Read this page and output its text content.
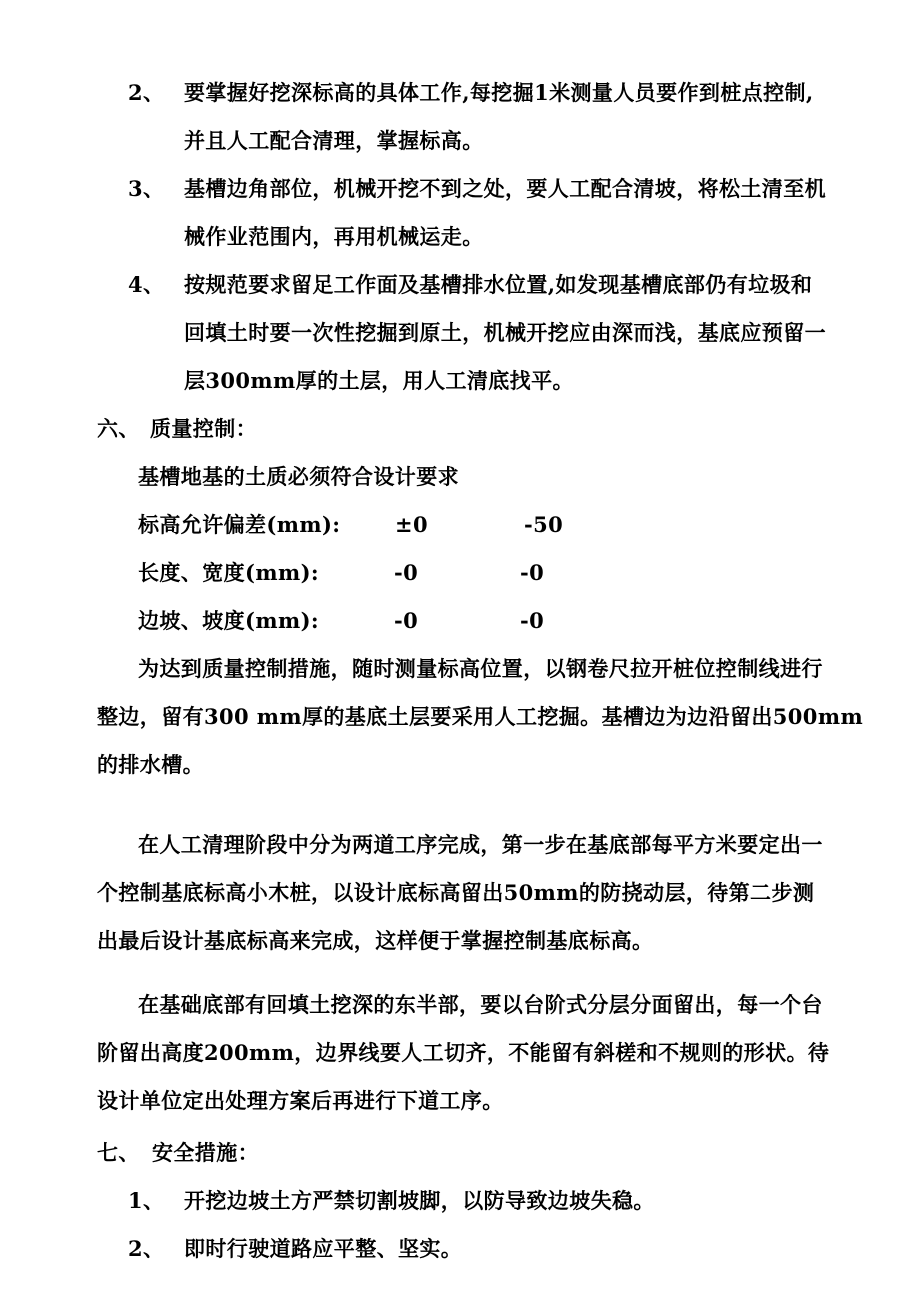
2、 要掌握好挖深标高的具体工作,每挖掘1米测量人员要作到桩点控制,
并且人工配合清理，掌握标高。
3、 基槽边角部位，机械开挖不到之处，要人工配合清坡，将松土清至机
械作业范围内，再用机械运走。
4、 按规范要求留足工作面及基槽排水位置,如发现基槽底部仍有垃圾和
回填土时要一次性挖掘到原土，机械开挖应由深而浅，基底应预留一
层300mm厚的土层，用人工清底找平。
六、 质量控制：
基槽地基的土质必须符合设计要求
标高允许偏差(mm):	±0	-50
长度、宽度(mm):	-0	-0
边坡、坡度(mm):	-0	-0
为达到质量控制措施，随时测量标高位置，以钢卷尺拉开桩位控制线进行
整边，留有300 mm厚的基底土层要采用人工挖掘。基槽边为边沿留出500mm
的排水槽。
在人工清理阶段中分为两道工序完成，第一步在基底部每平方米要定出一
个控制基底标高小木桩，以设计底标高留出50mm的防挠动层，待第二步测
出最后设计基底标高来完成，这样便于掌握控制基底标高。
在基础底部有回填土挖深的东半部，要以台阶式分层分面留出，每一个台
阶留出高度200mm，边界线要人工切齐，不能留有斜槎和不规则的形状。待
设计单位定出处理方案后再进行下道工序。
七、 安全措施：
1、 开挖边坡土方严禁切割坡脚，以防导致边坡失稳。
2、 即时行驶道路应平整、坚实。
